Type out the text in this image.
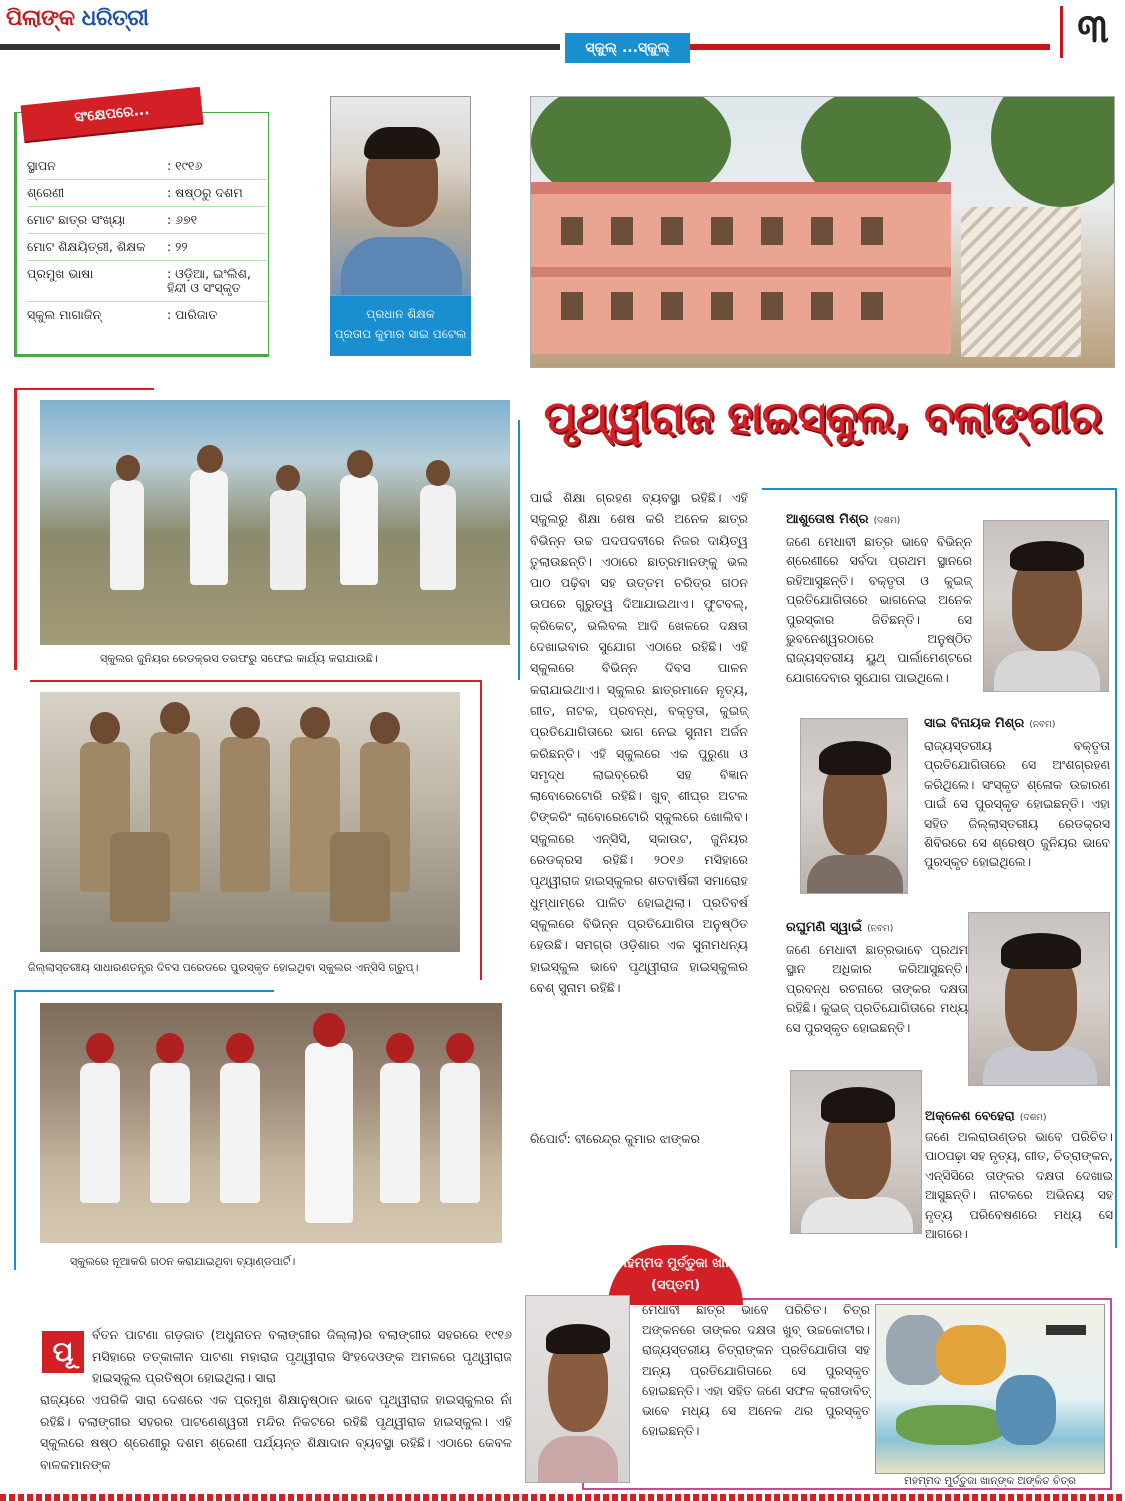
ପିଲାଙ୍କ ଧରିତ୍ରୀ
ସ୍କୁଲ୍ ...ସ୍କୁଲ୍	୩
ସ୍ଥାପନ	: ୧୯୧୬
ଶ୍ରେଣୀ	: ଷଷ୍ଠରୁ ଦଶମ
ମୋଟ ଛାତ୍ର ସଂଖ୍ୟା	: ୬୭୧
ମୋଟ ଶିକ୍ଷୟିତ୍ରୀ, ଶିକ୍ଷକ	: ୨୨
ପ୍ରମୁଖ ଭାଷା	: ଓଡ଼ିଆ, ଇଂଲିଶ, ହିନ୍ଦୀ ଓ ସଂସ୍କୃତ
ସ୍କୁଲ ମାଗାଜିନ୍	: ପାରିଜାତ
ସଂକ୍ଷେପରେ...
ପ୍ରଧାନ ଶିକ୍ଷକ
ପ୍ରତାପ କୁମାର ସାଇ ପଟେଲ
ପୃଥ୍ୱୀରାଜ ହାଇସ୍କୁଲ, ବଲାଙ୍ଗୀର
ସ୍କୁଲର ଜୁନିୟର ରେଡକ୍ରସ ତରଫରୁ ସଫେଇ କାର୍ଯ୍ୟ କରାଯାଉଛି।
ଜିଲ୍ଲାସ୍ତରୀୟ ସାଧାରଣତନ୍ତ୍ର ଦିବସ ପରେଡରେ ପୁରସ୍କୃତ ହୋଇଥିବା ସ୍କୁଲର ଏନ୍‌ସିସି ଗ୍ରୁପ୍।
ସ୍କୁଲରେ ନୂଆକରି ଗଠନ କରାଯାଇଥିବା ବ୍ୟାଣ୍ଡପାର୍ଟି।

ପାଇଁ ଶିକ୍ଷା ଗ୍ରହଣ ବ୍ୟବସ୍ଥା ରହିଛି। ଏହି ସ୍କୁଲରୁ ଶିକ୍ଷା ଶେଷ କରି ଅନେକ ଛାତ୍ର ବିଭିନ୍ନ ଉଚ୍ଚ ପଦପଦବୀରେ ନିଜର ଦାୟିତ୍ୱ ତୁଲାଉଛନ୍ତି। ଏଠାରେ ଛାତ୍ରମାନଙ୍କୁ ଭଲ ପାଠ ପଢ଼ିବା ସହ ଉତ୍ତମ ଚରିତ୍ର ଗଠନ ଉପରେ ଗୁରୁତ୍ୱ ଦିଆଯାଇଥାଏ। ଫୁଟବଲ୍, କ୍ରିକେଟ୍, ଭଲିବଲ ଆଦି ଖେଳରେ ଦକ୍ଷତା ଦେଖାଇବାର ସୁଯୋଗ ଏଠାରେ ରହିଛି। ଏହି ସ୍କୁଲରେ ବିଭିନ୍ନ ଦିବସ ପାଳନ କରାଯାଇଥାଏ। ସ୍କୁଲର ଛାତ୍ରମାନେ ନୃତ୍ୟ, ଗୀତ, ନାଟକ, ପ୍ରବନ୍ଧ, ବକ୍ତୃତା, କୁଇଜ୍ ପ୍ରତିଯୋଗିତାରେ ଭାଗ ନେଇ ସୁନାମ ଅର୍ଜନ କରିଛନ୍ତି। ଏହି ସ୍କୁଲରେ ଏକ ପୁରୁଣା ଓ ସମୃଦ୍ଧ ଲାଇବ୍ରେରି ସହ ବିଜ୍ଞାନ ଲାବୋରେଟୋରି ରହିଛି। ଖୁବ୍ ଶୀଘ୍ର ଅଟଲ ଟିଙ୍କରିଂ ଲାବୋରେଟୋରି ସ୍କୁଲରେ ଖୋଲିବ। ସ୍କୁଲରେ ଏନ୍‌ସିସି, ସ୍କାଉଟ, ଜୁନିୟର ରେଡକ୍ରସ ରହିଛି। ୨୦୧୬ ମସିହାରେ ପୃଥ୍ୱୀରାଜ ହାଇସ୍କୁଲର ଶତବାର୍ଷିକୀ ସମାରୋହ ଧୁମ୍‌ଧାମ୍‌ରେ ପାଳିତ ହୋଇଥିଲା। ପ୍ରତିବର୍ଷ ସ୍କୁଲରେ ବିଭିନ୍ନ ପ୍ରତିଯୋଗିତା ଅନୁଷ୍ଠିତ ହେଉଛି। ସମଗ୍ର ଓଡ଼ିଶାର ଏକ ସୁନାମଧନ୍ୟ ହାଇସ୍କୁଲ ଭାବେ ପୃଥ୍ୱୀରାଜ ହାଇସ୍କୁଲର ବେଶ୍ ସୁନାମ ରହିଛି।

ରିପୋର୍ଟ: ବୀରେନ୍ଦ୍ର କୁମାର ଝାଙ୍କର
ଆଶୁତୋଷ ମିଶ୍ର (ଦଶମ)
ଜଣେ ମେଧାବୀ ଛାତ୍ର ଭାବେ ବିଭିନ୍ନ ଶ୍ରେଣୀରେ ସର୍ବଦା ପ୍ରଥମ ସ୍ଥାନରେ ରହିଆସୁଛନ୍ତି। ବକ୍ତୃତା ଓ କୁଇଜ୍ ପ୍ରତିଯୋଗିତାରେ ଭାଗନେଇ ଅନେକ ପୁରସ୍କାର ଜିତିଛନ୍ତି। ସେ ଭୁବନେଶ୍ୱରଠାରେ ଅନୁଷ୍ଠିତ ରାଜ୍ୟସ୍ତରୀୟ ୟୁଥ୍ ପାର୍ଲାମେଣ୍ଟରେ ଯୋଗଦେବାର ସୁଯୋଗ ପାଇଥିଲେ।
ସାଇ ବିନାୟକ ମିଶ୍ର (ନବମ)
ରାଜ୍ୟସ୍ତରୀୟ ବକ୍ତୃତା ପ୍ରତିଯୋଗିତାରେ ସେ ଅଂଶଗ୍ରହଣ କରିଥିଲେ। ସଂସ୍କୃତ ଶ୍ଳୋକ ଉଚ୍ଚାରଣ ପାଇଁ ସେ ପୁରସ୍କୃତ ହୋଇଛନ୍ତି। ଏହା ସହିତ ଜିଲ୍ଲାସ୍ତରୀୟ ରେଡକ୍ରସ ଶିବିରରେ ସେ ଶ୍ରେଷ୍ଠ ଜୁନିୟର ଭାବେ ପୁରସ୍କୃତ ହୋଇଥିଲେ।
ରଘୁମଣି ସ୍ୱାଇଁ (ନବମ)
ଜଣେ ମେଧାବୀ ଛାତ୍ରଭାବେ ପ୍ରଥମ ସ୍ଥାନ ଅଧିକାର କରିଆସୁଛନ୍ତି। ପ୍ରବନ୍ଧ ରଚନାରେ ତାଙ୍କର ଦକ୍ଷତା ରହିଛି। କୁଇଜ୍ ପ୍ରତିଯୋଗିତାରେ ମଧ୍ୟ ସେ ପୁରସ୍କୃତ ହୋଇଛନ୍ତି।
ଅକ୍ଳେଶ ବେହେରା (ଦଶମ)
ଜଣେ ଅଲରାଉଣ୍ଡର ଭାବେ ପରିଚିତ। ପାଠପଢ଼ା ସହ ନୃତ୍ୟ, ଗୀତ, ଚିତ୍ରାଙ୍କନ, ଏନ୍‌ସିସିରେ ତାଙ୍କର ଦକ୍ଷତା ଦେଖାଇ ଆସୁଛନ୍ତି। ନାଟକରେ ଅଭିନୟ ସହ ନୃତ୍ୟ ପରିବେଷଣରେ ମଧ୍ୟ ସେ ଆଗରେ।
ପୂ
ର୍ବତନ ପାଟଣା ଗଡ଼ଜାତ (ଅଧୁନାତନ ବଲାଙ୍ଗୀର ଜିଲ୍ଲା)ର ବଲାଙ୍ଗୀର ସହରରେ ୧୯୧୬ ମସିହାରେ ତତ୍କାଳୀନ ପାଟଣା ମହାରାଜ ପୃଥ୍ୱୀରାଜ ସିଂହଦେଓଙ୍କ ଅମଳରେ ପୃଥ୍ୱୀରାଜ ହାଇସ୍କୁଲ ପ୍ରତିଷ୍ଠା ହୋଇଥିଲା। ସାରା
ରାଜ୍ୟରେ ଏପରିକି ସାରା ଦେଶରେ ଏକ ପ୍ରମୁଖ ଶିକ୍ଷାନୁଷ୍ଠାନ ଭାବେ ପୃଥ୍ୱୀରାଜ ହାଇସ୍କୁଲର ନାଁ ରହିଛି। ବଲାଙ୍ଗୀର ସହରର ପାଟଣେଶ୍ୱରୀ ମନ୍ଦିର ନିକଟରେ ରହିଛି ପୃଥ୍ୱୀରାଜ ହାଇସ୍କୁଲ। ଏହି ସ୍କୁଲରେ ଷଷ୍ଠ ଶ୍ରେଣୀରୁ ଦଶମ ଶ୍ରେଣୀ ପର୍ଯ୍ୟନ୍ତ ଶିକ୍ଷାଦାନ ବ୍ୟବସ୍ଥା ରହିଛି। ଏଠାରେ କେବଳ ବାଳକମାନଙ୍କ
ମହମ୍ମଦ ମୁର୍ତ୍ତୁଜା ଖାନ୍
(ସପ୍ତମ)
ମେଧାବୀ ଛାତ୍ର ଭାବେ ପରିଚିତ। ଚିତ୍ର ଅଙ୍କନରେ ତାଙ୍କର ଦକ୍ଷତା ଖୁବ୍ ଉଚ୍ଚକୋଟୀର। ରାଜ୍ୟସ୍ତରୀୟ ଚିତ୍ରାଙ୍କନ ପ୍ରତିଯୋଗିତା ସହ ଅନ୍ୟ ପ୍ରତିଯୋଗିତାରେ ସେ ପୁରସ୍କୃତ ହୋଇଛନ୍ତି। ଏହା ସହିତ ଜଣେ ସଫଳ କ୍ରୀଡାବିତ୍ ଭାବେ ମଧ୍ୟ ସେ ଅନେକ ଥର ପୁରସ୍କୃତ ହୋଇଛନ୍ତି।
ମହମ୍ମଦ ମୁର୍ତ୍ତୁଜା ଖାନ୍‌ଙ୍କ ଅଙ୍କିତ ଚିତ୍ର
